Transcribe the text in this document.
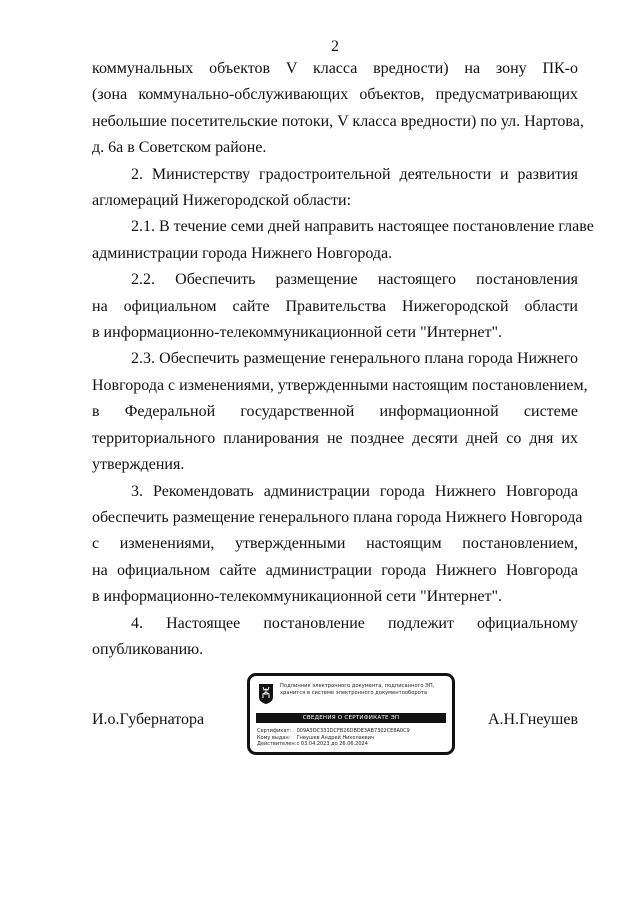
2

коммунальных объектов V класса вредности) на зону ПК-о
(зона коммунально-обслуживающих объектов, предусматривающих
небольшие посетительские потоки, V класса вредности) по ул. Нартова,
д. 6а в Советском районе.

2. Министерству градостроительной деятельности и развития
агломераций Нижегородской области:

2.1. В течение семи дней направить настоящее постановление главе
администрации города Нижнего Новгорода.

2.2. Обеспечить размещение настоящего постановления
на официальном сайте Правительства Нижегородской области
в информационно-телекоммуникационной сети "Интернет".

2.3. Обеспечить размещение генерального плана города Нижнего
Новгорода с изменениями, утвержденными настоящим постановлением,
в Федеральной государственной информационной системе
территориального планирования не позднее десяти дней со дня их
утверждения.

3. Рекомендовать администрации города Нижнего Новгорода
обеспечить размещение генерального плана города Нижнего Новгорода
с изменениями, утвержденными настоящим постановлением,
на официальном сайте администрации города Нижнего Новгорода
в информационно-телекоммуникационной сети "Интернет".

4. Настоящее постановление подлежит официальному
опубликованию.

И.о.Губернатора	А.Н.Гнеушев
Подлинник электронного документа, подписанного ЭП,
хранится в системе электронного документооборота
СВЕДЕНИЯ О СЕРТИФИКАТЕ ЭП
Сертификат: 009A3DC331DCFB26DBDE3AB7302CE8A0C9
Кому выдан: Гнеушев Андрей Николаевич
Действителен: с 03.04.2023 до 26.06.2024
